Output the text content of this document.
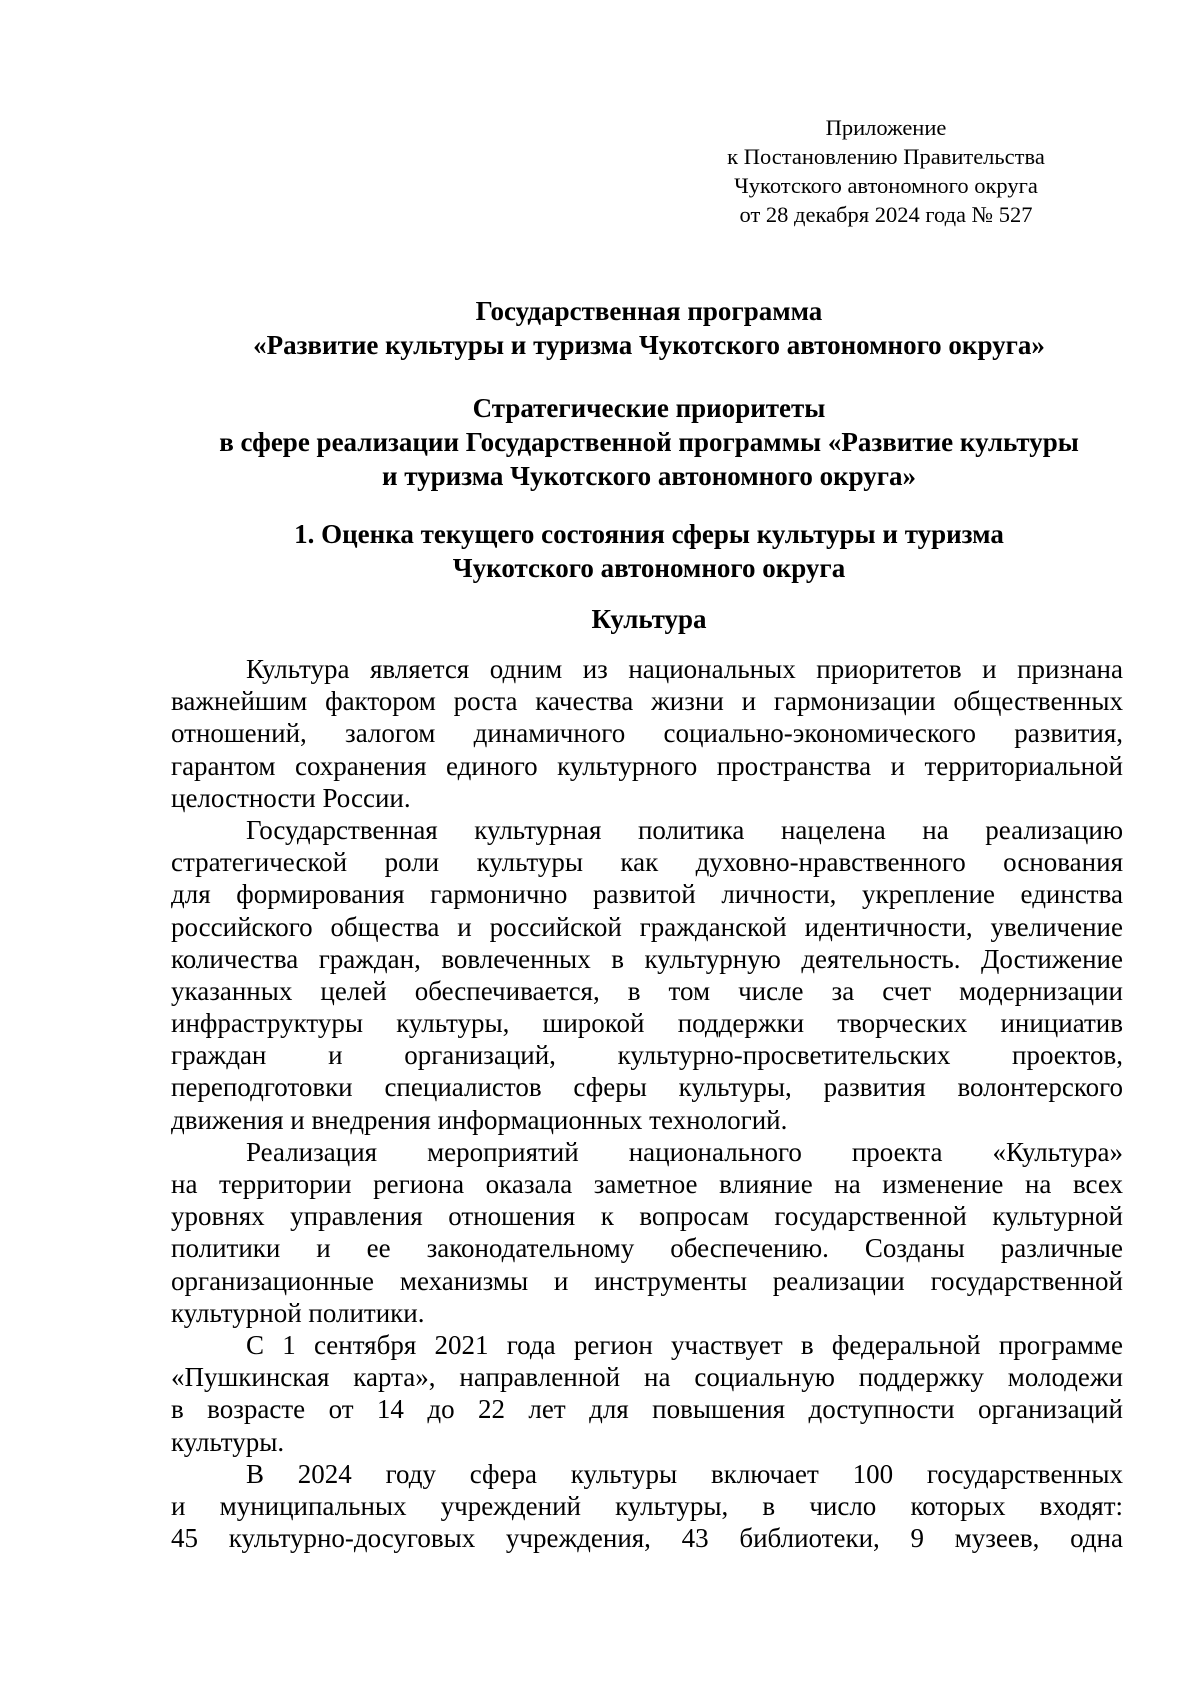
Приложение
к Постановлению Правительства
Чукотского автономного округа
от 28 декабря 2024 года № 527
Государственная программа
«Развитие культуры и туризма Чукотского автономного округа»
Стратегические приоритеты
в сфере реализации Государственной программы «Развитие культуры
и туризма Чукотского автономного округа»
1. Оценка текущего состояния сферы культуры и туризма
Чукотского автономного округа
Культура
Культура является одним из национальных приоритетов и признана
важнейшим фактором роста качества жизни и гармонизации общественных
отношений, залогом динамичного социально-экономического развития,
гарантом сохранения единого культурного пространства и территориальной
целостности России.
Государственная культурная политика нацелена на реализацию
стратегической роли культуры как духовно-нравственного основания
для формирования гармонично развитой личности, укрепление единства
российского общества и российской гражданской идентичности, увеличение
количества граждан, вовлеченных в культурную деятельность. Достижение
указанных целей обеспечивается, в том числе за счет модернизации
инфраструктуры культуры, широкой поддержки творческих инициатив
граждан и организаций, культурно-просветительских проектов,
переподготовки специалистов сферы культуры, развития волонтерского
движения и внедрения информационных технологий.
Реализация мероприятий национального проекта «Культура»
на территории региона оказала заметное влияние на изменение на всех
уровнях управления отношения к вопросам государственной культурной
политики и ее законодательному обеспечению. Созданы различные
организационные механизмы и инструменты реализации государственной
культурной политики.
С 1 сентября 2021 года регион участвует в федеральной программе
«Пушкинская карта», направленной на социальную поддержку молодежи
в возрасте от 14 до 22 лет для повышения доступности организаций
культуры.
В 2024 году сфера культуры включает 100 государственных
и муниципальных учреждений культуры, в число которых входят:
45 культурно-досуговых учреждения, 43 библиотеки, 9 музеев, одна
